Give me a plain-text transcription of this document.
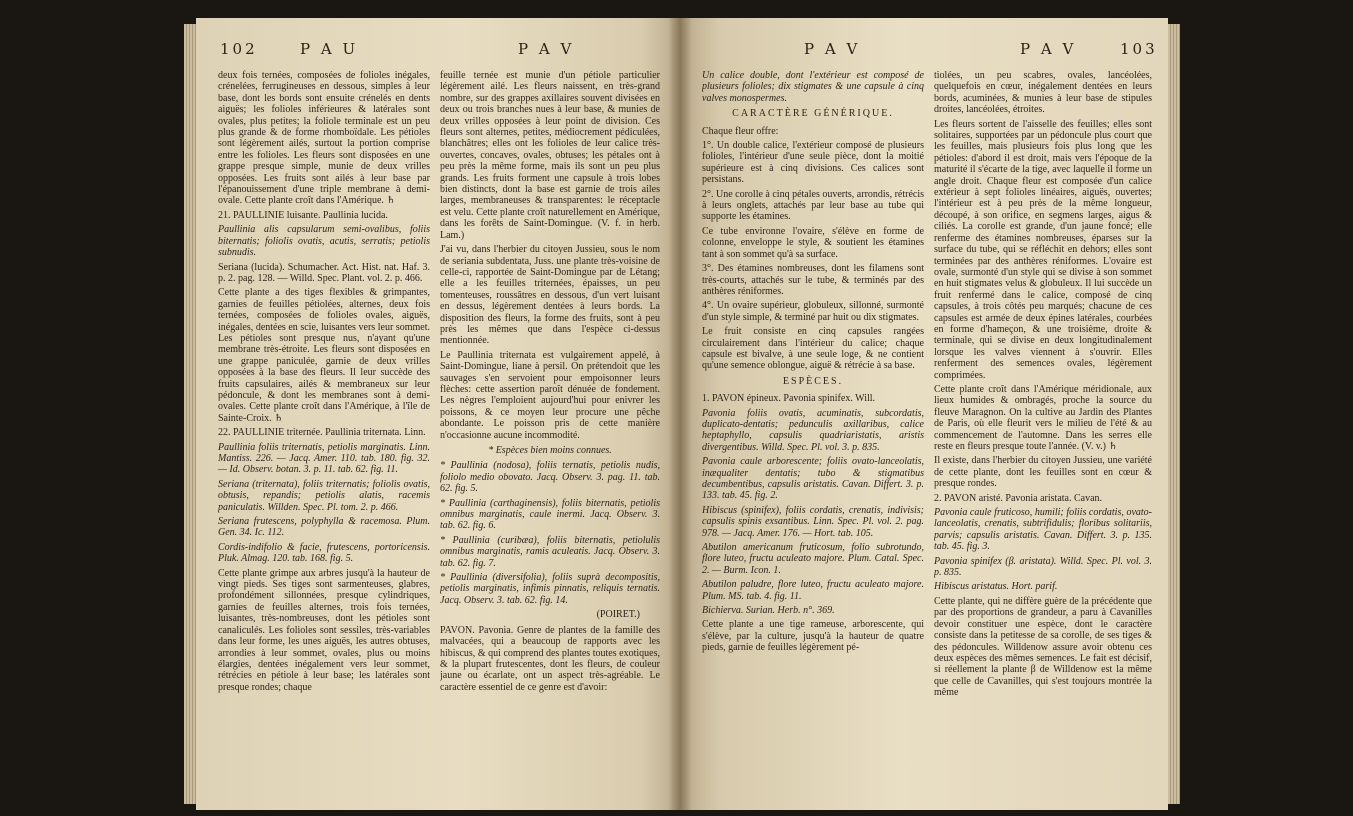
102	P A U	P A V

deux fois ternées, composées de folioles inégales, crénelées, ferrugineuses en dessous, simples à leur base, dont les bords sont ensuite crénelés en dents aiguës; les folioles inférieures & latérales sont ovales, plus petites; la foliole terminale est un peu plus grande & de forme rhomboïdale. Les pétioles sont légèrement ailés, surtout la portion comprise entre les folioles. Les fleurs sont disposées en une grappe presque simple, munie de deux vrilles opposées. Les fruits sont ailés à leur base par l'épanouissement d'une triple membrane à demi-ovale. Cette plante croît dans l'Amérique. ♄

21. PAULLINIE luisante. Paullinia lucida.

Paullinia alis capsularum semi-ovalibus, foliis biternatis; foliolis ovatis, acutis, serratis; petiolis subnudis.

Seriana (lucida). Schumacher. Act. Hist. nat. Haf. 3. p. 2. pag. 128. — Willd. Spec. Plant. vol. 2. p. 466.

Cette plante a des tiges flexibles & grimpantes, garnies de feuilles pétiolées, alternes, deux fois ternées, composées de folioles ovales, aiguës, inégales, dentées en scie, luisantes vers leur sommet. Les pétioles sont presque nus, n'ayant qu'une membrane très-étroite. Les fleurs sont disposées en une grappe paniculée, garnie de deux vrilles opposées à la base des fleurs. Il leur succède des fruits capsulaires, ailés & membraneux sur leur pédoncule, & dont les membranes sont à demi-ovales. Cette plante croît dans l'Amérique, à l'île de Sainte-Croix. ♄

22. PAULLINIE triternée. Paullinia triternata. Linn.

Paullinia foliis triternatis, petiolis marginatis. Linn. Mantiss. 226. — Jacq. Amer. 110. tab. 180. fig. 32. — Id. Observ. botan. 3. p. 11. tab. 62. fig. 11.

Seriana (triternata), foliis triternatis; foliolis ovatis, obtusis, repandis; petiolis alatis, racemis paniculatis. Willden. Spec. Pl. tom. 2. p. 466.

Seriana frutescens, polyphylla & racemosa. Plum. Gen. 34. Ic. 112.

Cordis-indifolio & facie, frutescens, portoricensis. Pluk. Almag. 120. tab. 168. fig. 5.

Cette plante grimpe aux arbres jusqu'à la hauteur de vingt pieds. Ses tiges sont sarmenteuses, glabres, profondément sillonnées, presque cylindriques, garnies de feuilles alternes, trois fois ternées, luisantes, très-nombreuses, dont les pétioles sont canaliculés. Les folioles sont sessiles, très-variables dans leur forme, les unes aiguës, les autres obtuses, arrondies à leur sommet, ovales, plus ou moins élargies, dentées inégalement vers leur sommet, rétrécies en pétiole à leur base; les latérales sont presque rondes; chaque

feuille ternée est munie d'un pétiole particulier légèrement ailé. Les fleurs naissent, en très-grand nombre, sur des grappes axillaires souvent divisées en deux ou trois branches nues à leur base, & munies de deux vrilles opposées à leur point de division. Ces fleurs sont alternes, petites, médiocrement pédiculées, blanchâtres; elles ont les folioles de leur calice très-ouvertes, concaves, ovales, obtuses; les pétales ont à peu près la même forme, mais ils sont un peu plus grands. Les fruits forment une capsule à trois lobes bien distincts, dont la base est garnie de trois ailes larges, membraneuses & transparentes: le réceptacle est velu. Cette plante croît naturellement en Amérique, dans les forêts de Saint-Domingue. (V. f. in herb. Lam.)

J'ai vu, dans l'herbier du citoyen Jussieu, sous le nom de seriania subdentata, Juss. une plante très-voisine de celle-ci, rapportée de Saint-Domingue par de Létang; elle a les feuilles triternées, épaisses, un peu tomenteuses, roussâtres en dessous, d'un vert luisant en dessus, légèrement dentées à leurs bords. La disposition des fleurs, la forme des fruits, sont à peu près les mêmes que dans l'espèce ci-dessus mentionnée.

Le Paullinia triternata est vulgairement appelé, à Saint-Domingue, liane à persil. On prétendoit que les sauvages s'en servoient pour empoisonner leurs flèches: cette assertion paroît dénuée de fondement. Les nègres l'emploient aujourd'hui pour enivrer les poissons, & ce moyen leur procure une pêche abondante. Le poisson pris de cette manière n'occasionne aucune incommodité.

* Espèces bien moins connues.

* Paullinia (nodosa), foliis ternatis, petiolis nudis, foliolo medio obovato. Jacq. Observ. 3. pag. 11. tab. 62. fig. 5.

* Paullinia (carthaginensis), foliis biternatis, petiolis omnibus marginatis, caule inermi. Jacq. Observ. 3. tab. 62. fig. 6.

* Paullinia (curibæa), foliis biternatis, petiolulis omnibus marginatis, ramis aculeatis. Jacq. Observ. 3. tab. 62. fig. 7.

* Paullinia (diversifolia), foliis suprà decompositis, petiolis marginatis, infimis pinnatis, reliquis ternatis. Jacq. Observ. 3. tab. 62. fig. 14.

(POIRET.)

PAVON. Pavonia. Genre de plantes de la famille des malvacées, qui a beaucoup de rapports avec les hibiscus, & qui comprend des plantes toutes exotiques, & la plupart frutescentes, dont les fleurs, de couleur jaune ou écarlate, ont un aspect très-agréable. Le caractère essentiel de ce genre est d'avoir:

P A V	P A V	103

Un calice double, dont l'extérieur est composé de plusieurs folioles; dix stigmates & une capsule à cinq valves monospermes.

CARACTÈRE GÉNÉRIQUE.

Chaque fleur offre:

1°. Un double calice, l'extérieur composé de plusieurs folioles, l'intérieur d'une seule pièce, dont la moitié supérieure est à cinq divisions. Ces calices sont persistans.

2°. Une corolle à cinq pétales ouverts, arrondis, rétrécis à leurs onglets, attachés par leur base au tube qui supporte les étamines.

Ce tube environne l'ovaire, s'élève en forme de colonne, enveloppe le style, & soutient les étamines tant à son sommet qu'à sa surface.

3°. Des étamines nombreuses, dont les filamens sont très-courts, attachés sur le tube, & terminés par des anthères réniformes.

4°. Un ovaire supérieur, globuleux, sillonné, surmonté d'un style simple, & terminé par huit ou dix stigmates.

Le fruit consiste en cinq capsules rangées circulairement dans l'intérieur du calice; chaque capsule est bivalve, à une seule loge, & ne contient qu'une semence oblongue, aiguë & rétrécie à sa base.

ESPÈCES.

1. PAVON épineux. Pavonia spinifex. Will.

Pavonia foliis ovatis, acuminatis, subcordatis, duplicato-dentatis; pedunculis axillaribus, calice heptaphyllo, capsulis quadriaristatis, aristis divergentibus. Willd. Spec. Pl. vol. 3. p. 835.

Pavonia caule arborescente; foliis ovato-lanceolatis, inæqualiter dentatis; tubo & stigmatibus decumbentibus, capsulis aristatis. Cavan. Differt. 3. p. 133. tab. 45. fig. 2.

Hibiscus (spinifex), foliis cordatis, crenatis, indivisis; capsulis spinis exsantibus. Linn. Spec. Pl. vol. 2. pag. 978. — Jacq. Amer. 176. — Hort. tab. 105.

Abutilon americanum fruticosum, folio subrotundo, flore luteo, fructu aculeato majore. Plum. Catal. Spec. 2. — Burm. Icon. 1.

Abutilon paludre, flore luteo, fructu aculeato majore. Plum. MS. tab. 4. fig. 11.

Bichierva. Surian. Herb. n°. 369.

Cette plante a une tige rameuse, arborescente, qui s'élève, par la culture, jusqu'à la hauteur de quatre pieds, garnie de feuilles légèrement pé-

tiolées, un peu scabres, ovales, lancéolées, quelquefois en cœur, inégalement dentées en leurs bords, acuminées, & munies à leur base de stipules droites, lancéolées, étroites.

Les fleurs sortent de l'aisselle des feuilles; elles sont solitaires, supportées par un pédoncule plus court que les feuilles, mais plusieurs fois plus long que les pétioles: d'abord il est droit, mais vers l'époque de la maturité il s'écarte de la tige, avec laquelle il forme un angle droit. Chaque fleur est composée d'un calice extérieur à sept folioles linéaires, aiguës, ouvertes; l'intérieur est à peu près de la même longueur, découpé, à son orifice, en segmens larges, aigus & ciliés. La corolle est grande, d'un jaune foncé; elle renferme des étamines nombreuses, éparses sur la surface du tube, qui se réfléchit en dehors; elles sont terminées par des anthères réniformes. L'ovaire est ovale, surmonté d'un style qui se divise à son sommet en huit stigmates velus & globuleux. Il lui succède un fruit renfermé dans le calice, composé de cinq capsules, à trois côtés peu marqués; chacune de ces capsules est armée de deux épines latérales, courbées en forme d'hameçon, & une troisième, droite & terminale, qui se divise en deux longitudinalement lorsque les valves viennent à s'ouvrir. Elles renferment des semences ovales, légèrement comprimées.

Cette plante croît dans l'Amérique méridionale, aux lieux humides & ombragés, proche la source du fleuve Maragnon. On la cultive au Jardin des Plantes de Paris, où elle fleurit vers le milieu de l'été & au commencement de l'automne. Dans les serres elle reste en fleurs presque toute l'année. (V. v.) ♄

Il existe, dans l'herbier du citoyen Jussieu, une variété de cette plante, dont les feuilles sont en cœur & presque rondes.

2. PAVON aristé. Pavonia aristata. Cavan.

Pavonia caule fruticoso, humili; foliis cordatis, ovato-lanceolatis, crenatis, subtrifidulis; floribus solitariis, parvis; capsulis aristatis. Cavan. Differt. 3. p. 135. tab. 45. fig. 3.

Pavonia spinifex (β. aristata). Willd. Spec. Pl. vol. 3. p. 835.

Hibiscus aristatus. Hort. parif.

Cette plante, qui ne diffère guère de la précédente que par des proportions de grandeur, a paru à Cavanilles devoir constituer une espèce, dont le caractère consiste dans la petitesse de sa corolle, de ses tiges & des pédoncules. Willdenow assure avoir obtenu ces deux espèces des mêmes semences. Le fait est décisif, si réellement la plante β de Willdenow est la même que celle de Cavanilles, qui s'est toujours montrée la même
